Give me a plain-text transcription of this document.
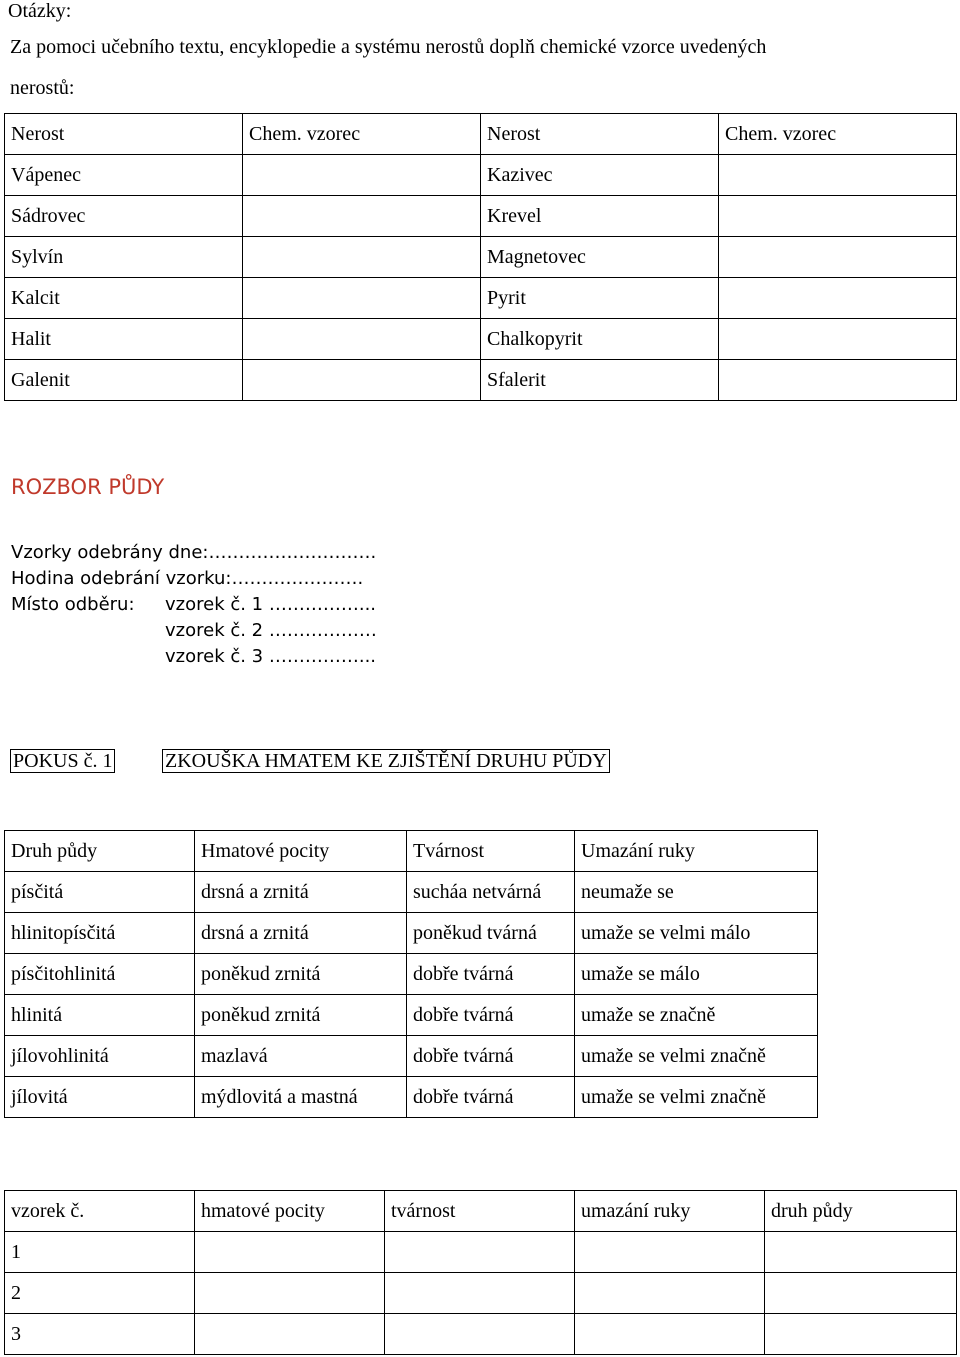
Otázky:
Za pomoci učebního textu, encyklopedie a systému nerostů doplň chemické vzorce uvedených
nerostů:
Nerost	Chem. vzorec	Nerost	Chem. vzorec
Vápenec		Kazivec	
Sádrovec		Krevel	
Sylvín		Magnetovec	
Kalcit		Pyrit	
Halit		Chalkopyrit	
Galenit		Sfalerit	
ROZBOR PŮDY
Vzorky odebrány dne:……………………….
Hodina odebrání vzorku:………………….
Místo odběru: vzorek č. 1 ……………...
vzorek č. 2 ………………
vzorek č. 3 ……………...
POKUS č. 1	ZKOUŠKA HMATEM KE ZJIŠTĚNÍ DRUHU PŮDY
Druh půdy	Hmatové pocity	Tvárnost	Umazání ruky
písčitá	drsná a zrnitá	sucháa netvárná	neumaže se
hlinitopísčitá	drsná a zrnitá	poněkud tvárná	umaže se velmi málo
písčitohlinitá	poněkud zrnitá	dobře tvárná	umaže se málo
hlinitá	poněkud zrnitá	dobře tvárná	umaže se značně
jílovohlinitá	mazlavá	dobře tvárná	umaže se velmi značně
jílovitá	mýdlovitá a mastná	dobře tvárná	umaže se velmi značně
vzorek č.	hmatové pocity	tvárnost	umazání ruky	druh půdy
1				
2				
3				
